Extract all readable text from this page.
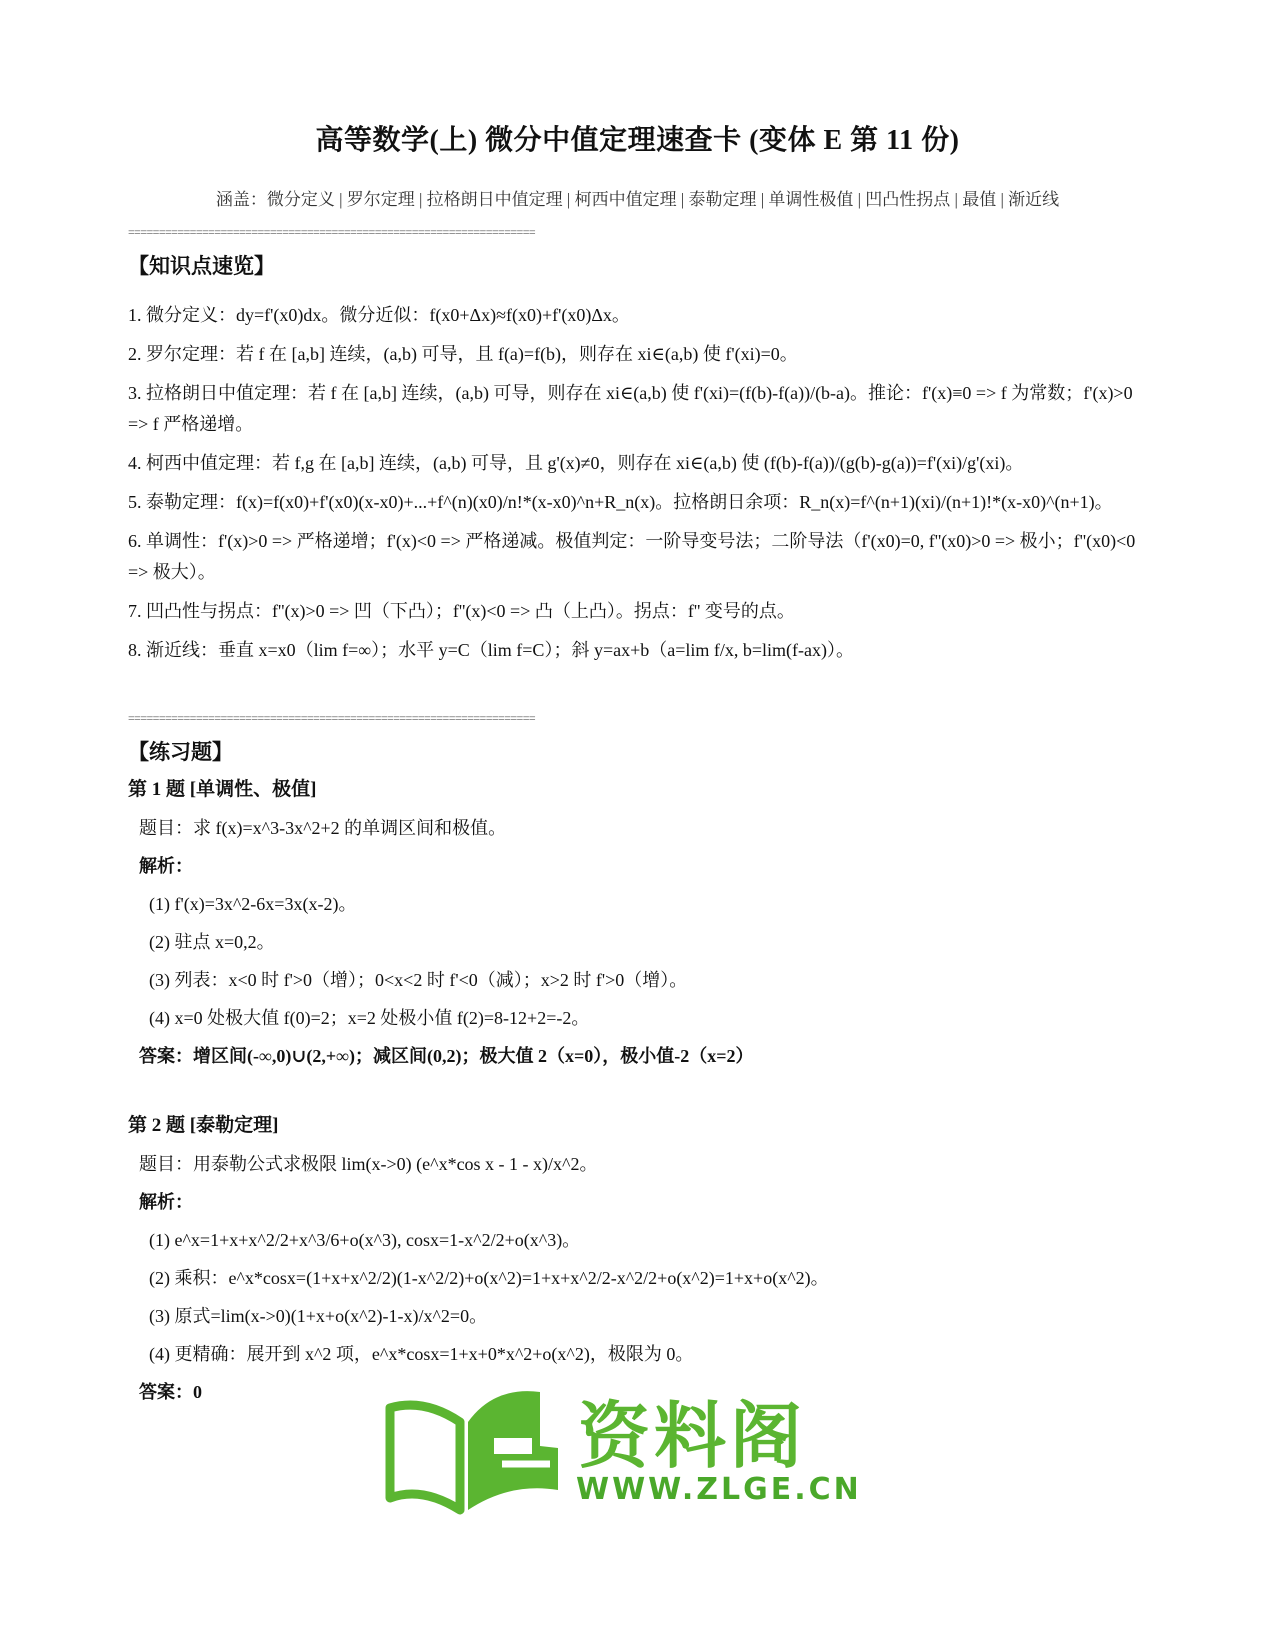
高等数学(上) 微分中值定理速查卡 (变体 E 第 11 份)
涵盖：微分定义 | 罗尔定理 | 拉格朗日中值定理 | 柯西中值定理 | 泰勒定理 | 单调性极值 | 凹凸性拐点 | 最值 | 渐近线
==================================================================
【知识点速览】
1. 微分定义：dy=f'(x0)dx。微分近似：f(x0+Δx)≈f(x0)+f'(x0)Δx。
2. 罗尔定理：若 f 在 [a,b] 连续，(a,b) 可导，且 f(a)=f(b)，则存在 xi∈(a,b) 使 f'(xi)=0。
3. 拉格朗日中值定理：若 f 在 [a,b] 连续，(a,b) 可导，则存在 xi∈(a,b) 使 f'(xi)=(f(b)-f(a))/(b-a)。推论：f'(x)≡0 => f 为常数；f'(x)>0 => f 严格递增。
4. 柯西中值定理：若 f,g 在 [a,b] 连续，(a,b) 可导，且 g'(x)≠0，则存在 xi∈(a,b) 使 (f(b)-f(a))/(g(b)-g(a))=f'(xi)/g'(xi)。
5. 泰勒定理：f(x)=f(x0)+f'(x0)(x-x0)+...+f^(n)(x0)/n!*(x-x0)^n+R_n(x)。拉格朗日余项：R_n(x)=f^(n+1)(xi)/(n+1)!*(x-x0)^(n+1)。
6. 单调性：f'(x)>0 => 严格递增；f'(x)<0 => 严格递减。极值判定：一阶导变号法；二阶导法（f'(x0)=0, f''(x0)>0 => 极小；f''(x0)<0 => 极大）。
7. 凹凸性与拐点：f''(x)>0 => 凹（下凸）；f''(x)<0 => 凸（上凸）。拐点：f'' 变号的点。
8. 渐近线：垂直 x=x0（lim f=∞）；水平 y=C（lim f=C）；斜 y=ax+b（a=lim f/x, b=lim(f-ax)）。
==================================================================
【练习题】
第 1 题 [单调性、极值]
题目：求 f(x)=x^3-3x^2+2 的单调区间和极值。
解析：
(1) f'(x)=3x^2-6x=3x(x-2)。
(2) 驻点 x=0,2。
(3) 列表：x<0 时 f'>0（增）；0<x<2 时 f'<0（减）；x>2 时 f'>0（增）。
(4) x=0 处极大值 f(0)=2；x=2 处极小值 f(2)=8-12+2=-2。
答案：增区间(-∞,0)∪(2,+∞)；减区间(0,2)；极大值 2（x=0），极小值-2（x=2）
第 2 题 [泰勒定理]
题目：用泰勒公式求极限 lim(x->0) (e^x*cos x - 1 - x)/x^2。
解析：
(1) e^x=1+x+x^2/2+x^3/6+o(x^3), cosx=1-x^2/2+o(x^3)。
(2) 乘积：e^x*cosx=(1+x+x^2/2)(1-x^2/2)+o(x^2)=1+x+x^2/2-x^2/2+o(x^2)=1+x+o(x^2)。
(3) 原式=lim(x->0)(1+x+o(x^2)-1-x)/x^2=0。
(4) 更精确：展开到 x^2 项，e^x*cosx=1+x+0*x^2+o(x^2)，极限为 0。
答案：0
资料阁
WWW.ZLGE.CN
